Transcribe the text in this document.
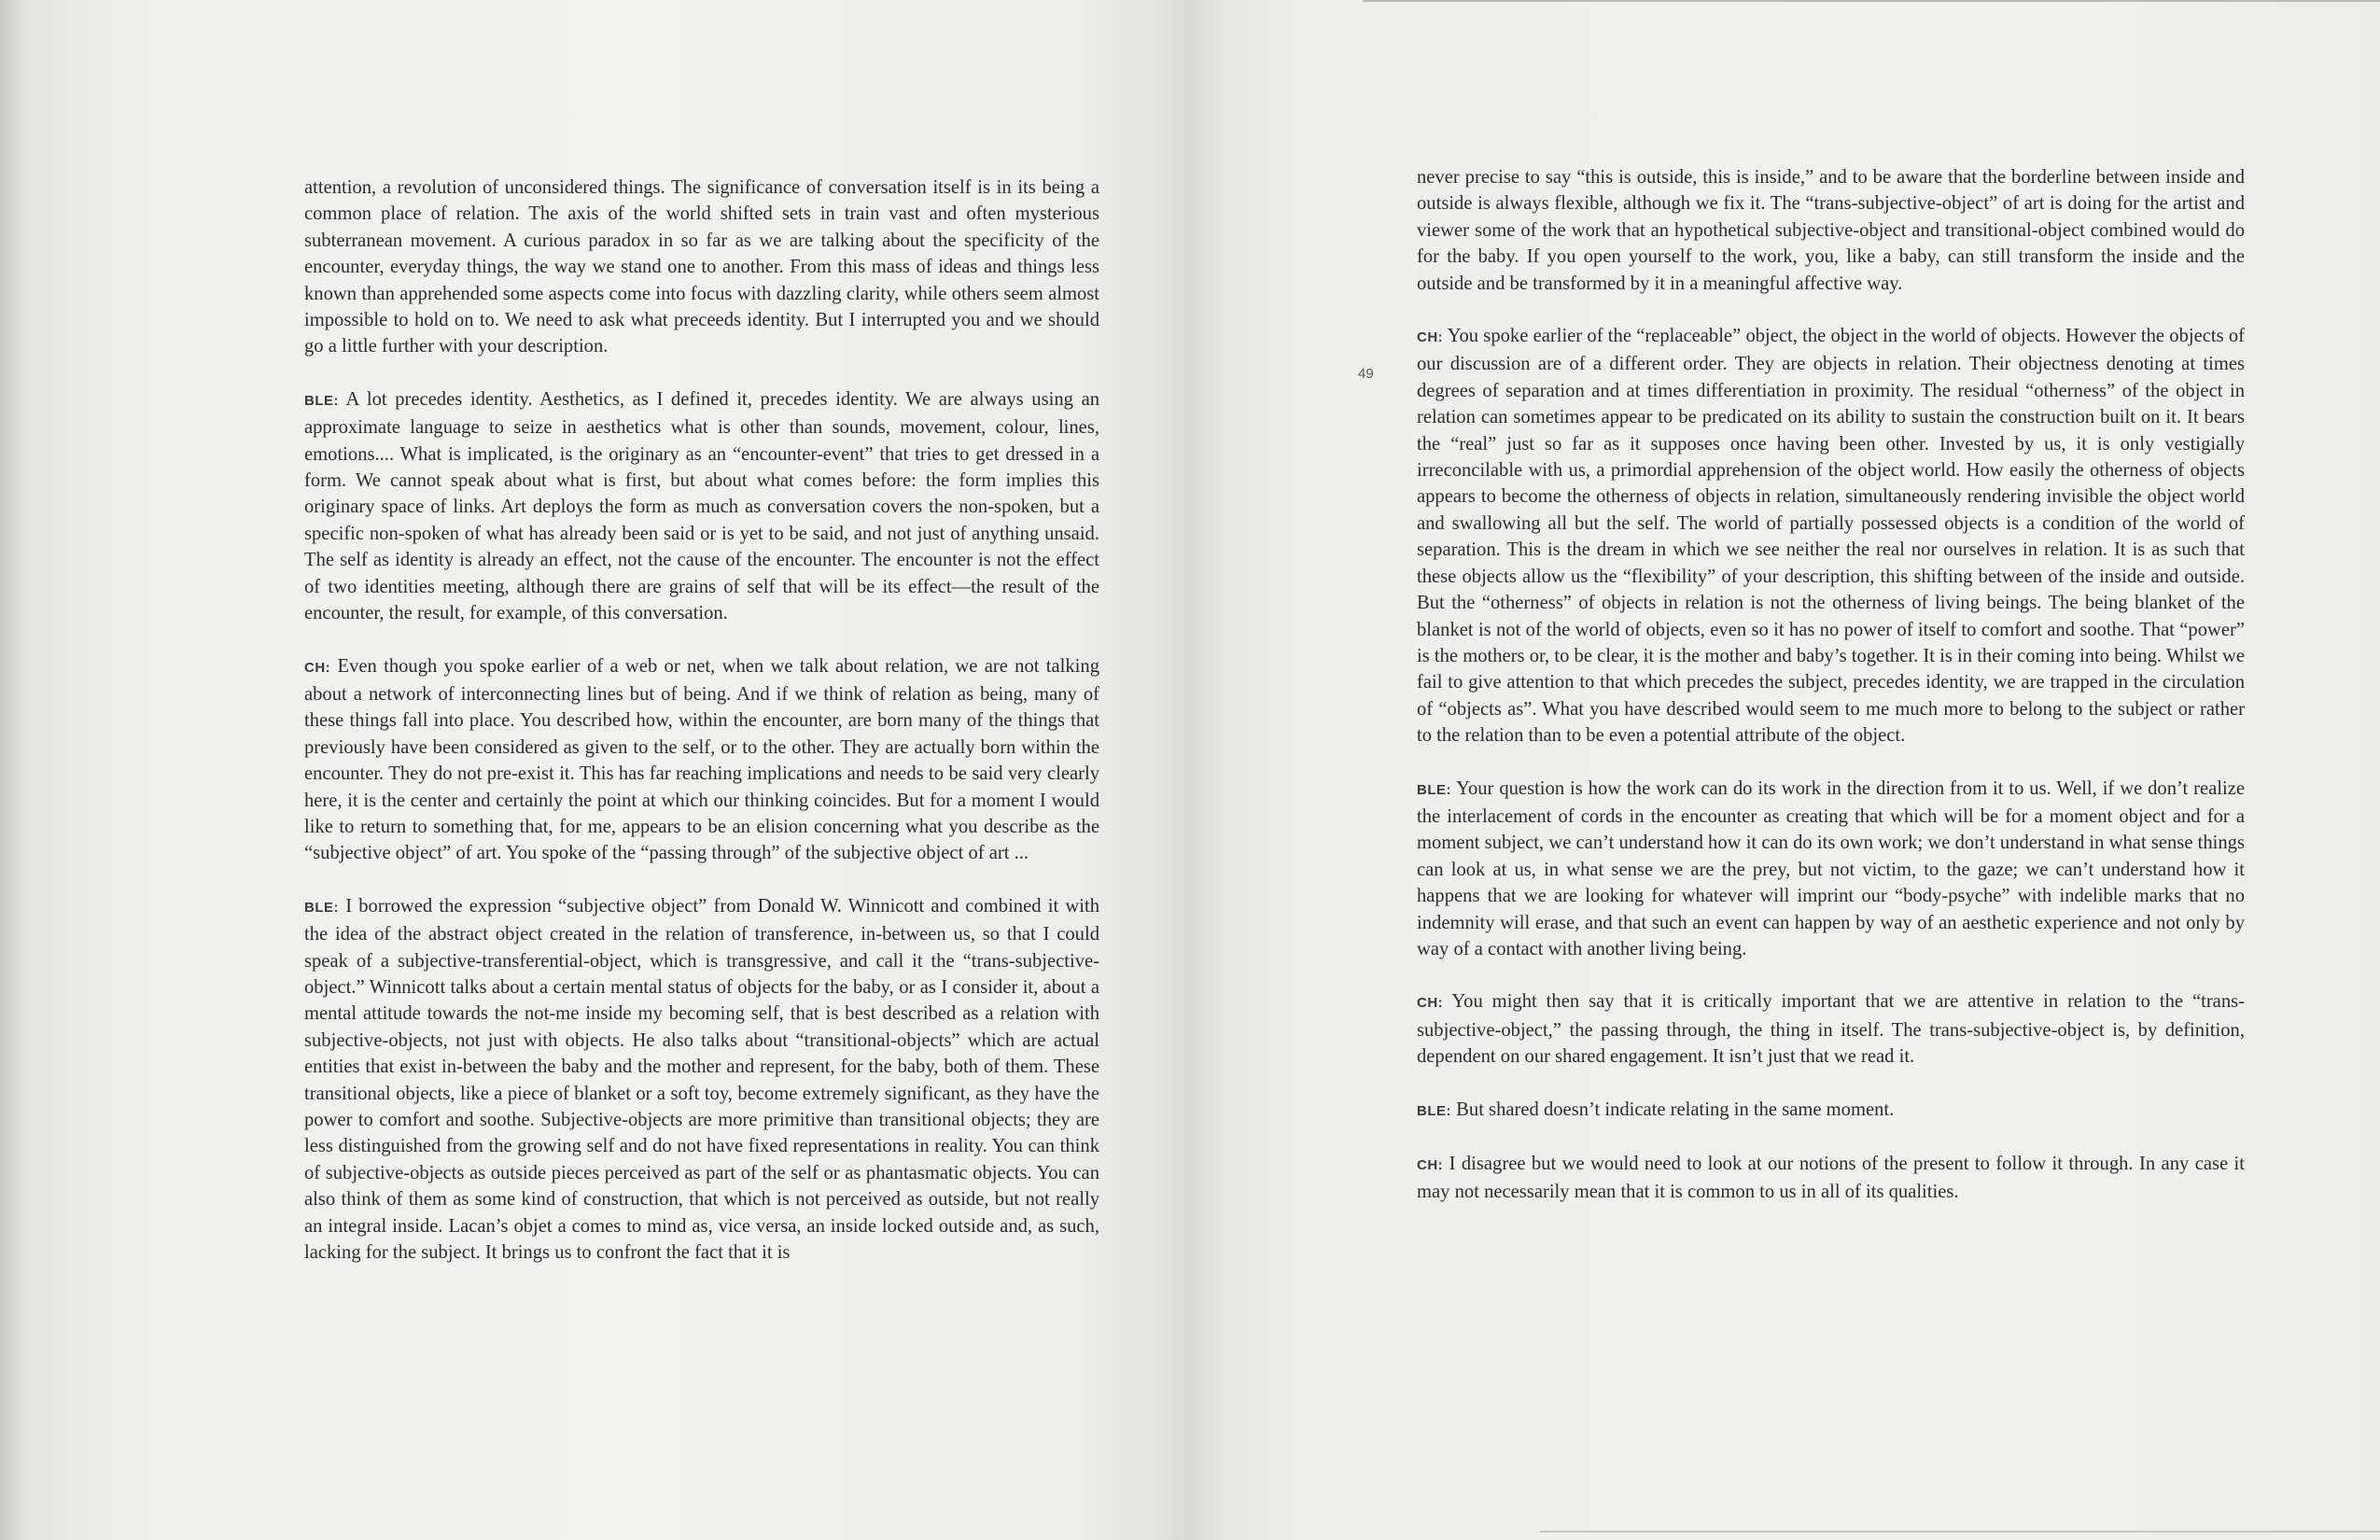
attention, a revolution of unconsidered things. The significance of conversation itself is in its being a common place of relation. The axis of the world shifted sets in train vast and often mysterious subterranean movement. A curious paradox in so far as we are talking about the specificity of the encounter, everyday things, the way we stand one to another. From this mass of ideas and things less known than apprehended some aspects come into focus with dazzling clarity, while others seem almost impossible to hold on to. We need to ask what preceeds identity. But I interrupted you and we should go a little further with your description.

BLE: A lot precedes identity. Aesthetics, as I defined it, precedes identity. We are always using an approximate language to seize in aesthetics what is other than sounds, movement, colour, lines, emotions.... What is implicated, is the originary as an “encounter-event” that tries to get dressed in a form. We cannot speak about what is first, but about what comes before: the form implies this originary space of links. Art deploys the form as much as conversation covers the non-spoken, but a specific non-spoken of what has already been said or is yet to be said, and not just of anything unsaid. The self as identity is already an effect, not the cause of the encounter. The encounter is not the effect of two identities meeting, although there are grains of self that will be its effect—the result of the encounter, the result, for example, of this conversation.

CH: Even though you spoke earlier of a web or net, when we talk about relation, we are not talking about a network of interconnecting lines but of being. And if we think of relation as being, many of these things fall into place. You described how, within the encounter, are born many of the things that previously have been considered as given to the self, or to the other. They are actually born within the encounter. They do not pre-exist it. This has far reaching implications and needs to be said very clearly here, it is the center and certainly the point at which our thinking coincides. But for a moment I would like to return to something that, for me, appears to be an elision concerning what you describe as the “subjective object” of art. You spoke of the “passing through” of the subjective object of art ...

BLE: I borrowed the expression “subjective object” from Donald W. Winnicott and combined it with the idea of the abstract object created in the relation of transference, in-between us, so that I could speak of a subjective-transferential-object, which is transgressive, and call it the “trans-subjective-object.” Winnicott talks about a certain mental status of objects for the baby, or as I consider it, about a mental attitude towards the not-me inside my becoming self, that is best described as a relation with subjective-objects, not just with objects. He also talks about “transitional-objects” which are actual entities that exist in-between the baby and the mother and represent, for the baby, both of them. These transitional objects, like a piece of blanket or a soft toy, become extremely significant, as they have the power to comfort and soothe. Subjective-objects are more primitive than transitional objects; they are less distinguished from the growing self and do not have fixed representations in reality. You can think of subjective-objects as outside pieces perceived as part of the self or as phantasmatic objects. You can also think of them as some kind of construction, that which is not perceived as outside, but not really an integral inside. Lacan’s objet a comes to mind as, vice versa, an inside locked outside and, as such, lacking for the subject. It brings us to confront the fact that it is

49

never precise to say “this is outside, this is inside,” and to be aware that the borderline between inside and outside is always flexible, although we fix it. The “trans-subjective-object” of art is doing for the artist and viewer some of the work that an hypothetical subjective-object and transitional-object combined would do for the baby. If you open yourself to the work, you, like a baby, can still transform the inside and the outside and be transformed by it in a meaningful affective way.

CH: You spoke earlier of the “replaceable” object, the object in the world of objects. However the objects of our discussion are of a different order. They are objects in relation. Their objectness denoting at times degrees of separation and at times differentiation in proximity. The residual “otherness” of the object in relation can sometimes appear to be predicated on its ability to sustain the construction built on it. It bears the “real” just so far as it supposes once having been other. Invested by us, it is only vestigially irreconcilable with us, a primordial apprehension of the object world. How easily the otherness of objects appears to become the otherness of objects in relation, simultaneously rendering invisible the object world and swallowing all but the self. The world of partially possessed objects is a condition of the world of separation. This is the dream in which we see neither the real nor ourselves in relation. It is as such that these objects allow us the “flexibility” of your description, this shifting between of the inside and outside. But the “otherness” of objects in relation is not the otherness of living beings. The being blanket of the blanket is not of the world of objects, even so it has no power of itself to comfort and soothe. That “power” is the mothers or, to be clear, it is the mother and baby’s together. It is in their coming into being. Whilst we fail to give attention to that which precedes the subject, precedes identity, we are trapped in the circulation of “objects as”. What you have described would seem to me much more to belong to the subject or rather to the relation than to be even a potential attribute of the object.

BLE: Your question is how the work can do its work in the direction from it to us. Well, if we don’t realize the interlacement of cords in the encounter as creating that which will be for a moment object and for a moment subject, we can’t understand how it can do its own work; we don’t understand in what sense things can look at us, in what sense we are the prey, but not victim, to the gaze; we can’t understand how it happens that we are looking for whatever will imprint our “body-psyche” with indelible marks that no indemnity will erase, and that such an event can happen by way of an aesthetic experience and not only by way of a contact with another living being.

CH: You might then say that it is critically important that we are attentive in relation to the “trans-subjective-object,” the passing through, the thing in itself. The trans-subjective-object is, by definition, dependent on our shared engagement. It isn’t just that we read it.

BLE: But shared doesn’t indicate relating in the same moment.

CH: I disagree but we would need to look at our notions of the present to follow it through. In any case it may not necessarily mean that it is common to us in all of its qualities.
